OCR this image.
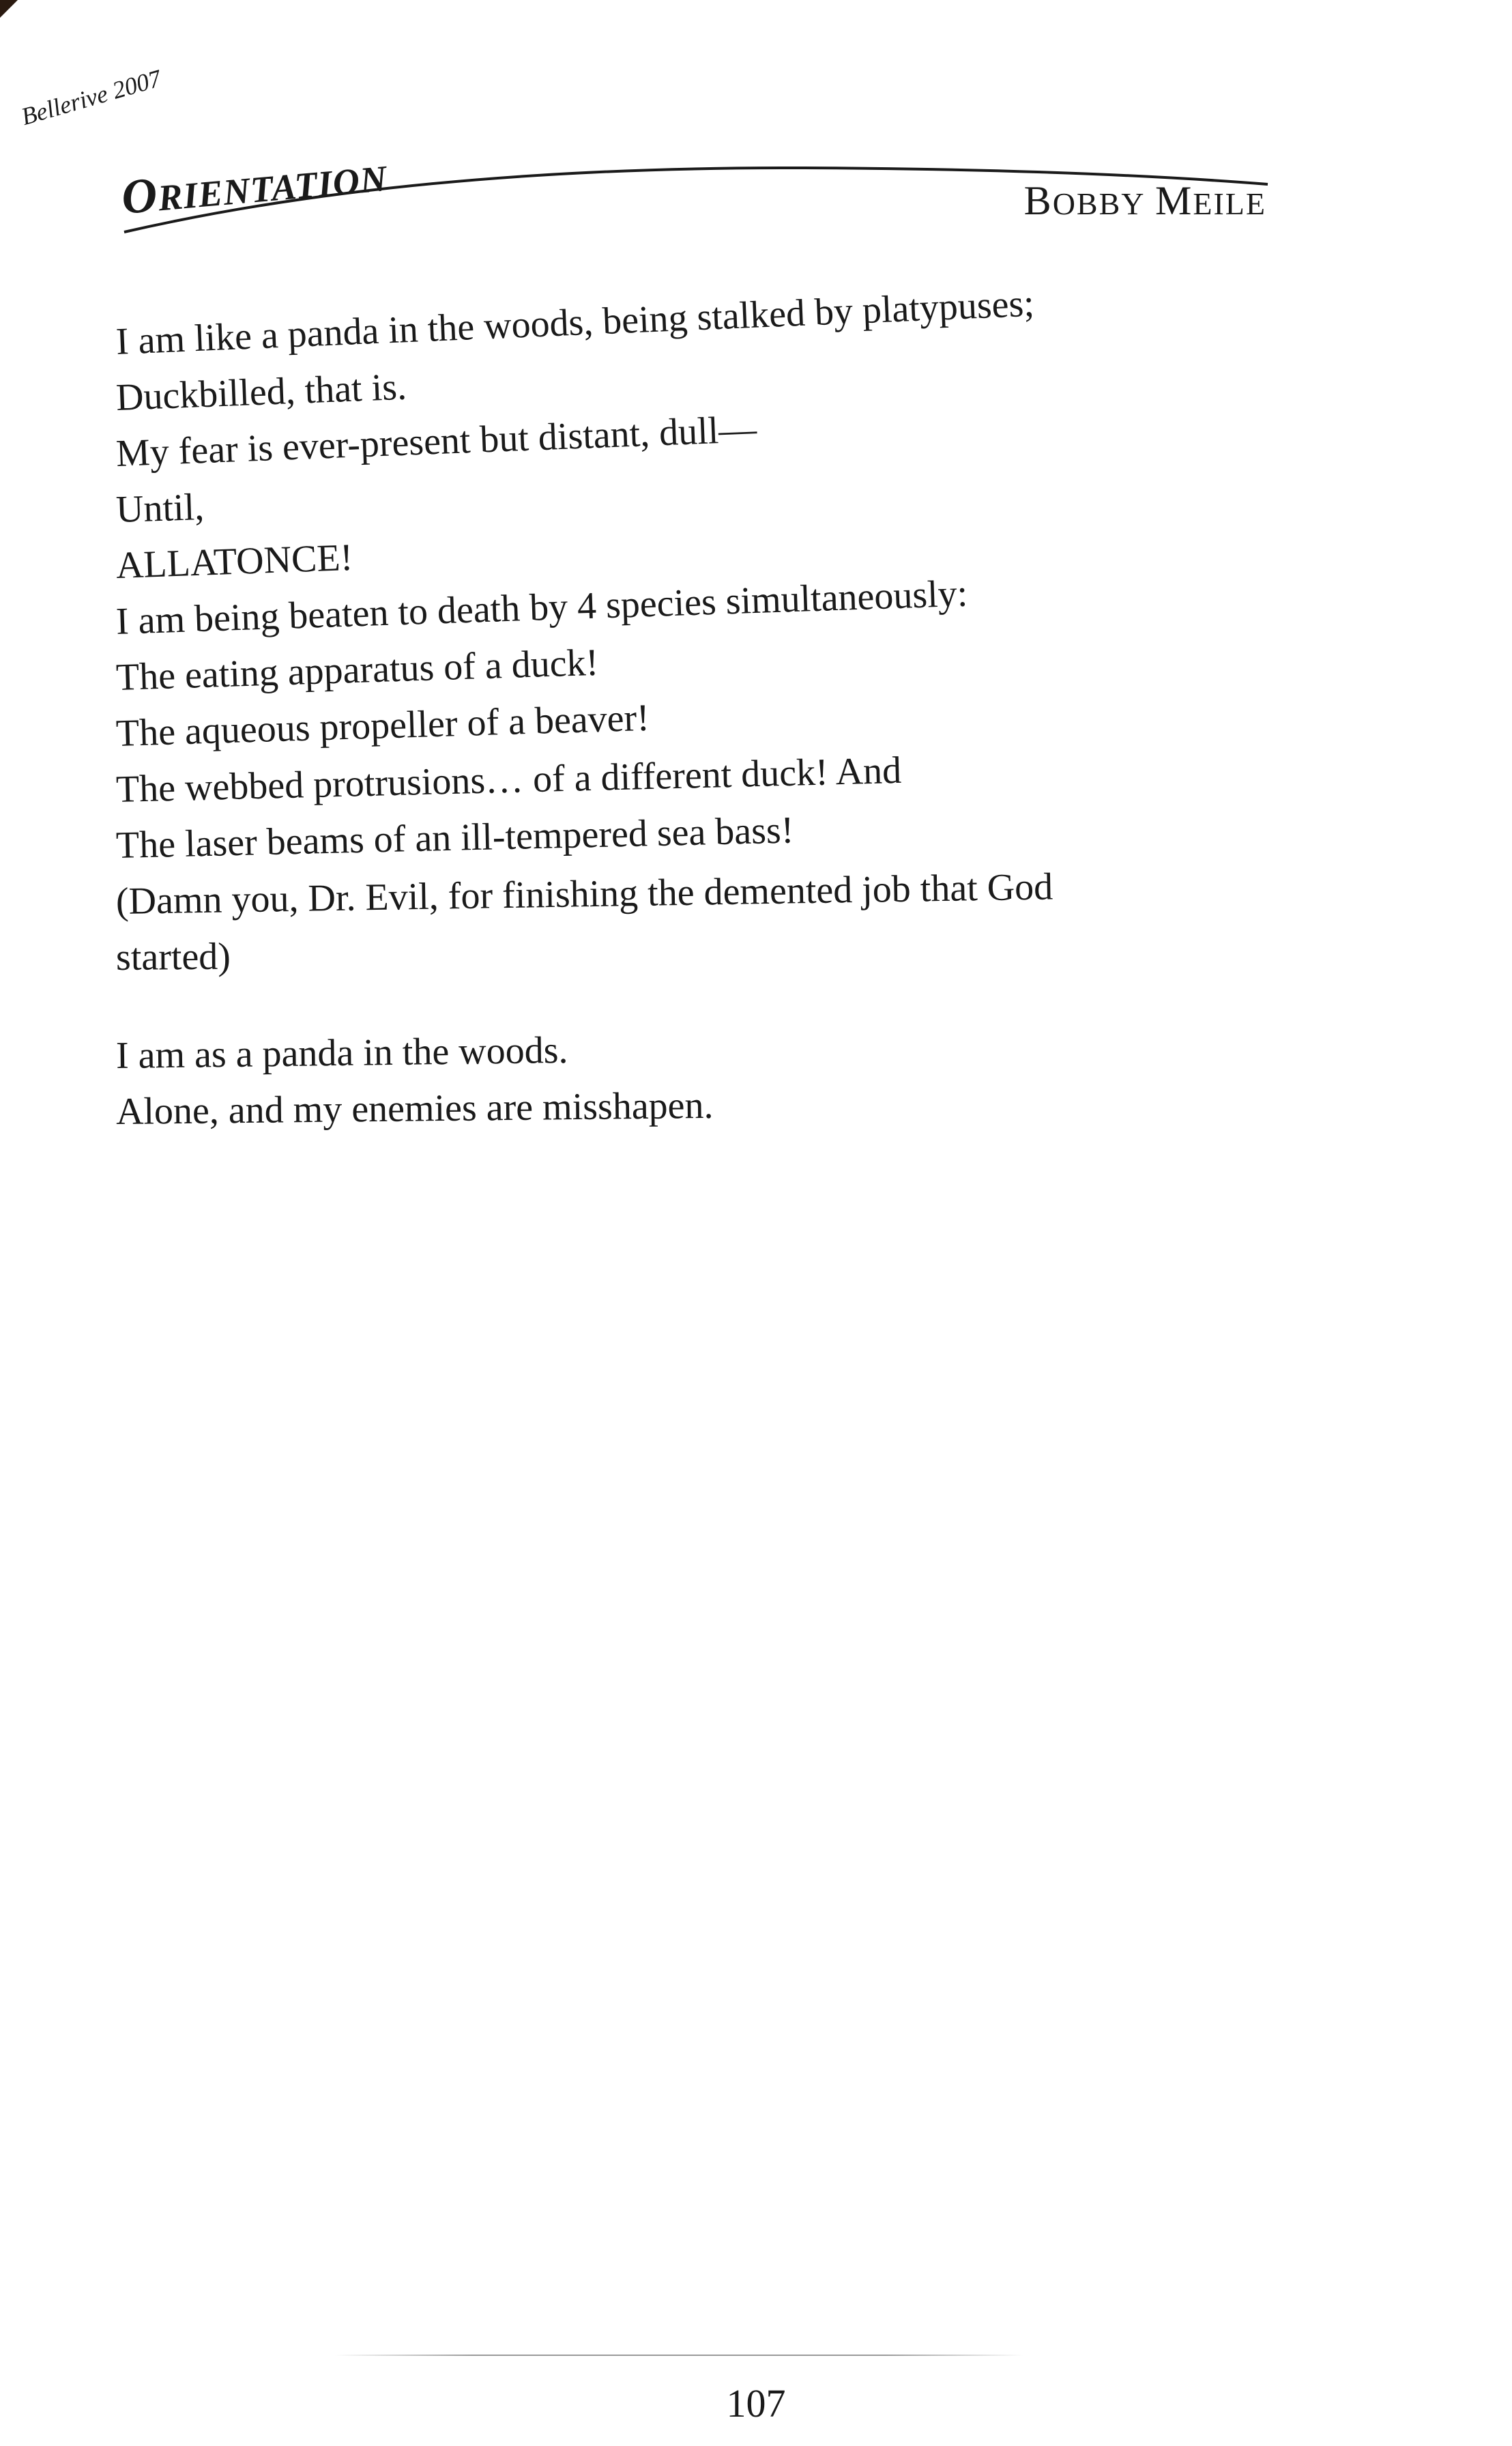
Bellerive 2007
ORIENTATION	BOBBY MEILE
I am like a panda in the woods, being stalked by platypuses;
Duckbilled, that is.
My fear is ever-present but distant, dull—
Until,
ALLATONCE!
I am being beaten to death by 4 species simultaneously:
The eating apparatus of a duck!
The aqueous propeller of a beaver!
The webbed protrusions… of a different duck! And
The laser beams of an ill-tempered sea bass!
(Damn you, Dr. Evil, for finishing the demented job that God
started)
I am as a panda in the woods.
Alone, and my enemies are misshapen.
107
